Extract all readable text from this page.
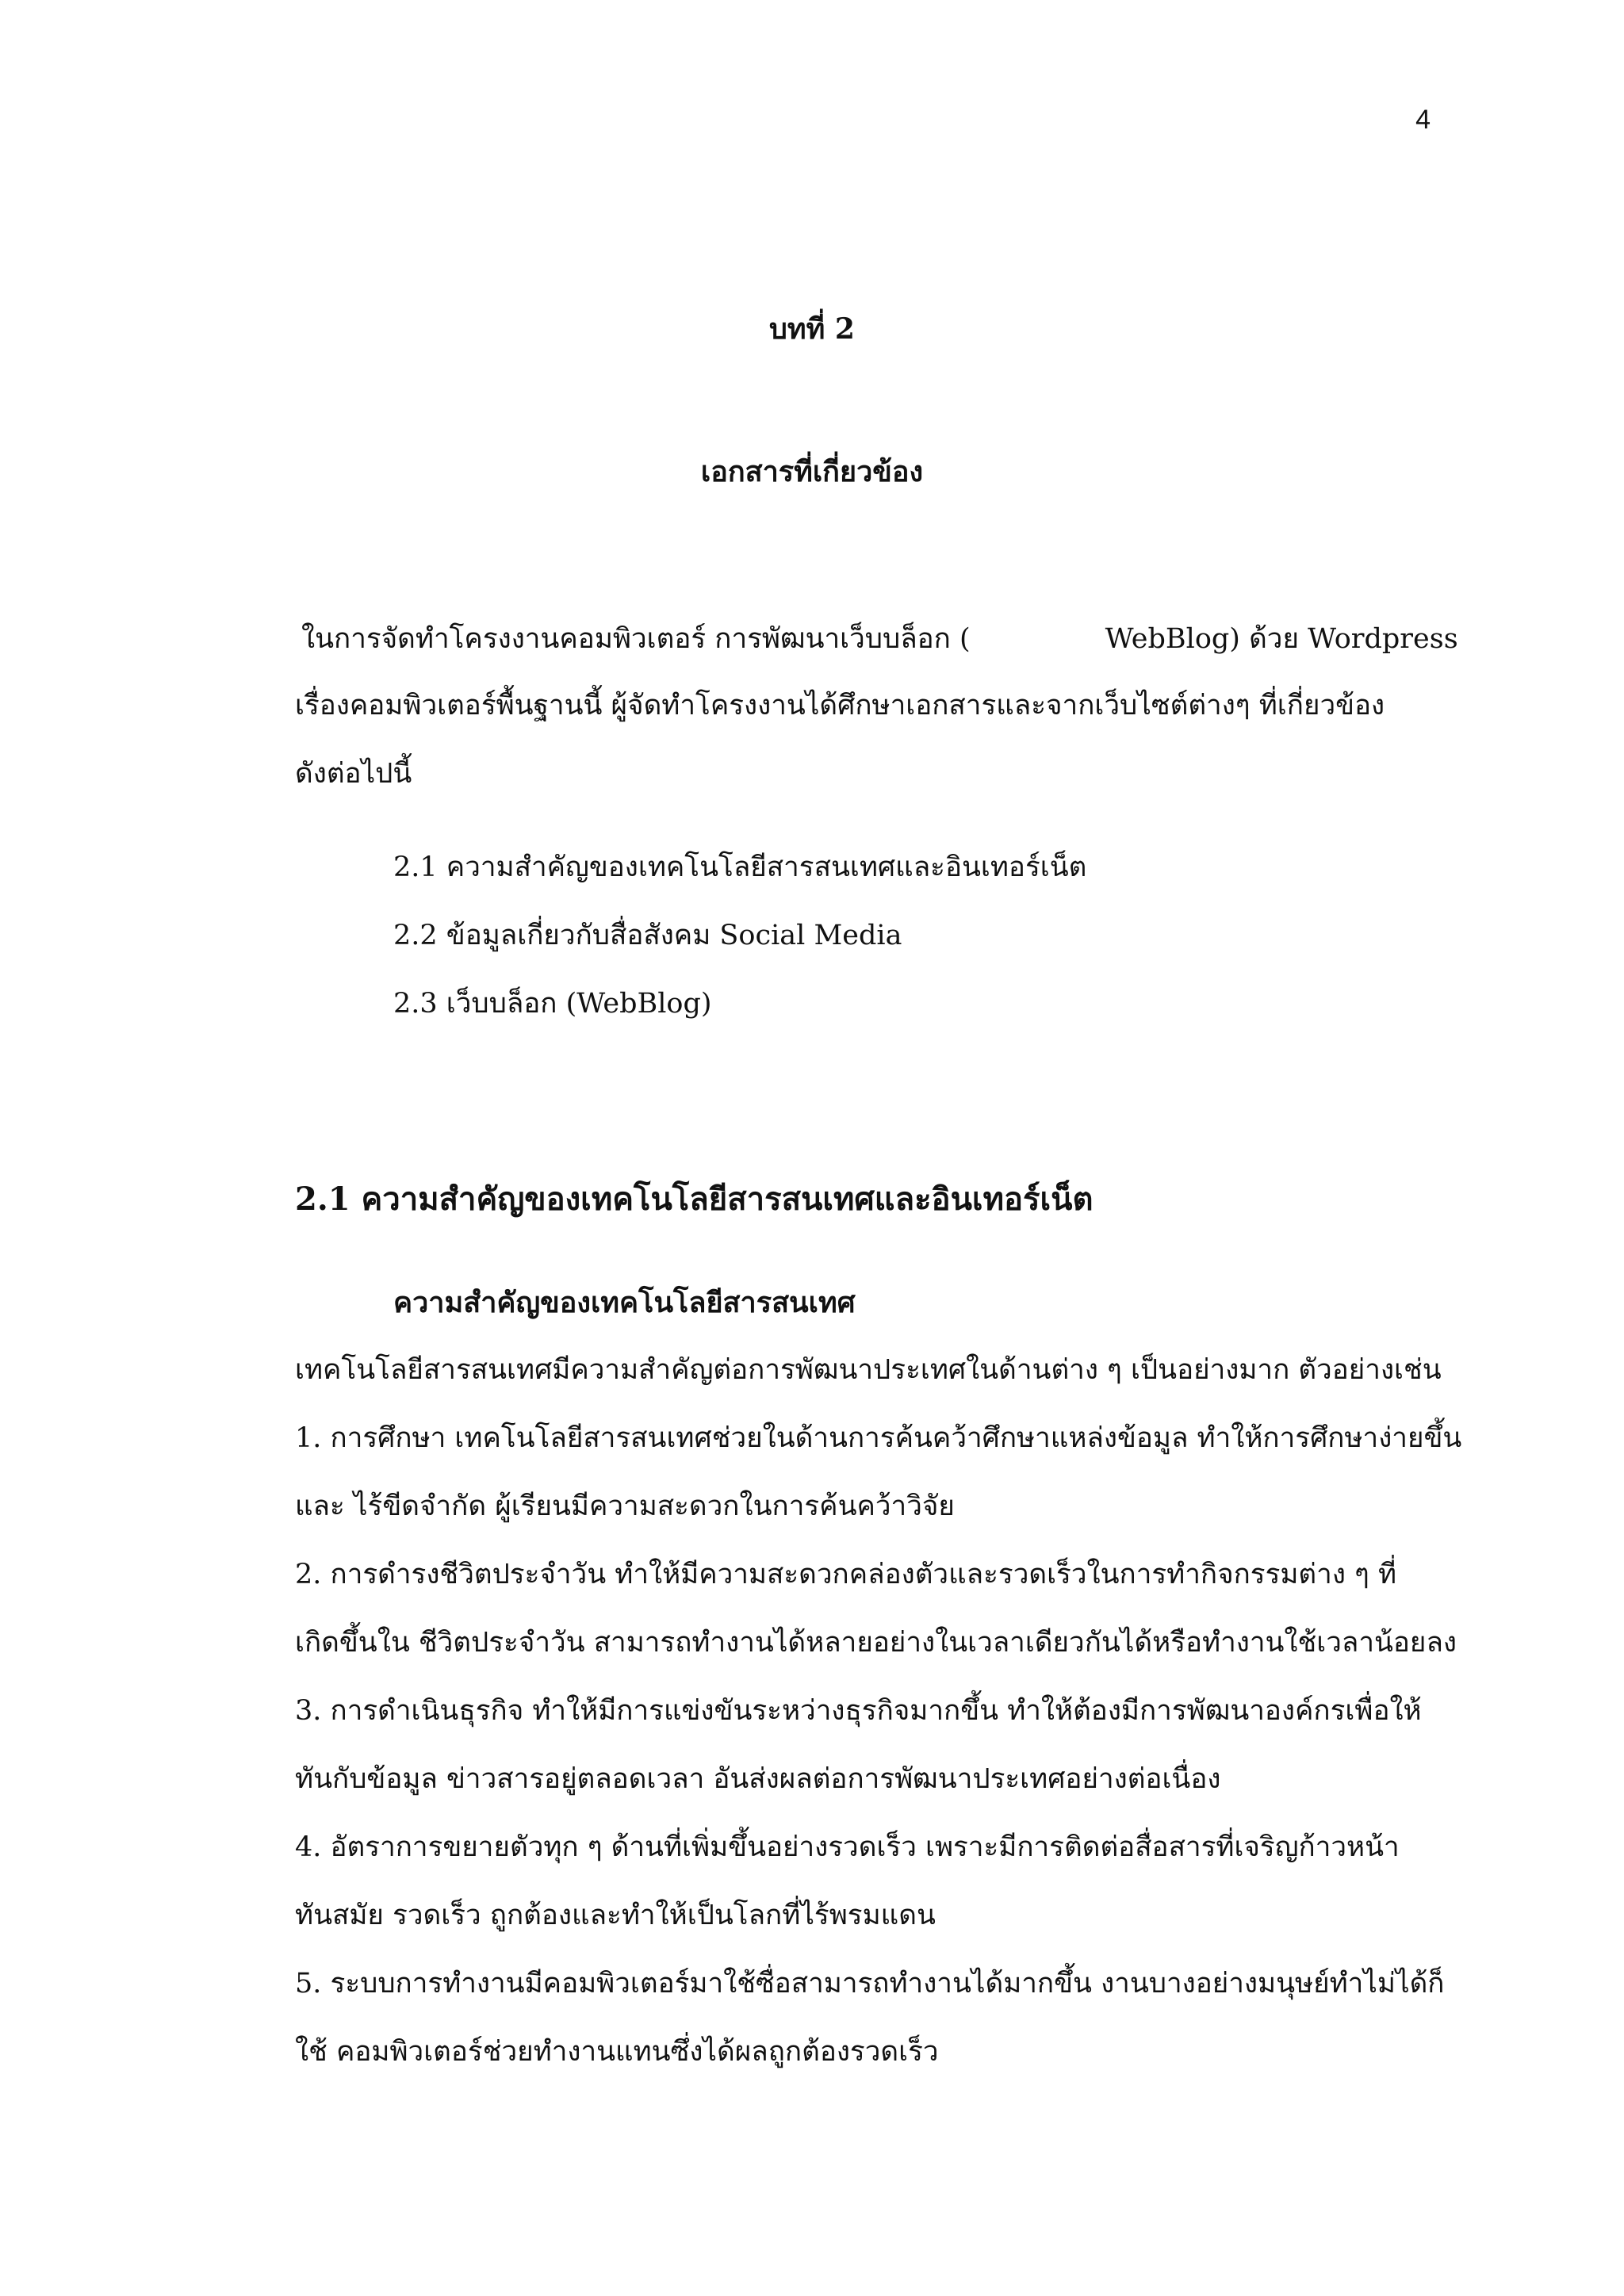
4
บทที่ 2
เอกสารที่เกี่ยวข้อง
ในการจัดทำโครงงานคอมพิวเตอร์ การพัฒนาเว็บบล็อก (	WebBlog) ด้วย Wordpress
เรื่องคอมพิวเตอร์พื้นฐานนี้ ผู้จัดทำโครงงานได้ศึกษาเอกสารและจากเว็บไซต์ต่างๆ ที่เกี่ยวข้อง
ดังต่อไปนี้
2.1 ความสำคัญของเทคโนโลยีสารสนเทศและอินเทอร์เน็ต
2.2 ข้อมูลเกี่ยวกับสื่อสังคม Social Media
2.3 เว็บบล็อก (WebBlog)
2.1 ความสำคัญของเทคโนโลยีสารสนเทศและอินเทอร์เน็ต
ความสำคัญของเทคโนโลยีสารสนเทศ
เทคโนโลยีสารสนเทศมีความสำคัญต่อการพัฒนาประเทศในด้านต่าง ๆ เป็นอย่างมาก ตัวอย่างเช่น
1. การศึกษา เทคโนโลยีสารสนเทศช่วยในด้านการค้นคว้าศึกษาแหล่งข้อมูล ทำให้การศึกษาง่ายขึ้น
และ ไร้ขีดจำกัด ผู้เรียนมีความสะดวกในการค้นคว้าวิจัย
2. การดำรงชีวิตประจำวัน ทำให้มีความสะดวกคล่องตัวและรวดเร็วในการทำกิจกรรมต่าง ๆ ที่
เกิดขึ้นใน ชีวิตประจำวัน สามารถทำงานได้หลายอย่างในเวลาเดียวกันได้หรือทำงานใช้เวลาน้อยลง
3. การดำเนินธุรกิจ ทำให้มีการแข่งขันระหว่างธุรกิจมากขึ้น ทำให้ต้องมีการพัฒนาองค์กรเพื่อให้
ทันกับข้อมูล ข่าวสารอยู่ตลอดเวลา อันส่งผลต่อการพัฒนาประเทศอย่างต่อเนื่อง
4. อัตราการขยายตัวทุก ๆ ด้านที่เพิ่มขึ้นอย่างรวดเร็ว เพราะมีการติดต่อสื่อสารที่เจริญก้าวหน้า
ทันสมัย รวดเร็ว ถูกต้องและทำให้เป็นโลกที่ไร้พรมแดน
5. ระบบการทำงานมีคอมพิวเตอร์มาใช้ซื่อสามารถทำงานได้มากขึ้น งานบางอย่างมนุษย์ทำไม่ได้ก็
ใช้ คอมพิวเตอร์ช่วยทำงานแทนซึ่งได้ผลถูกต้องรวดเร็ว
